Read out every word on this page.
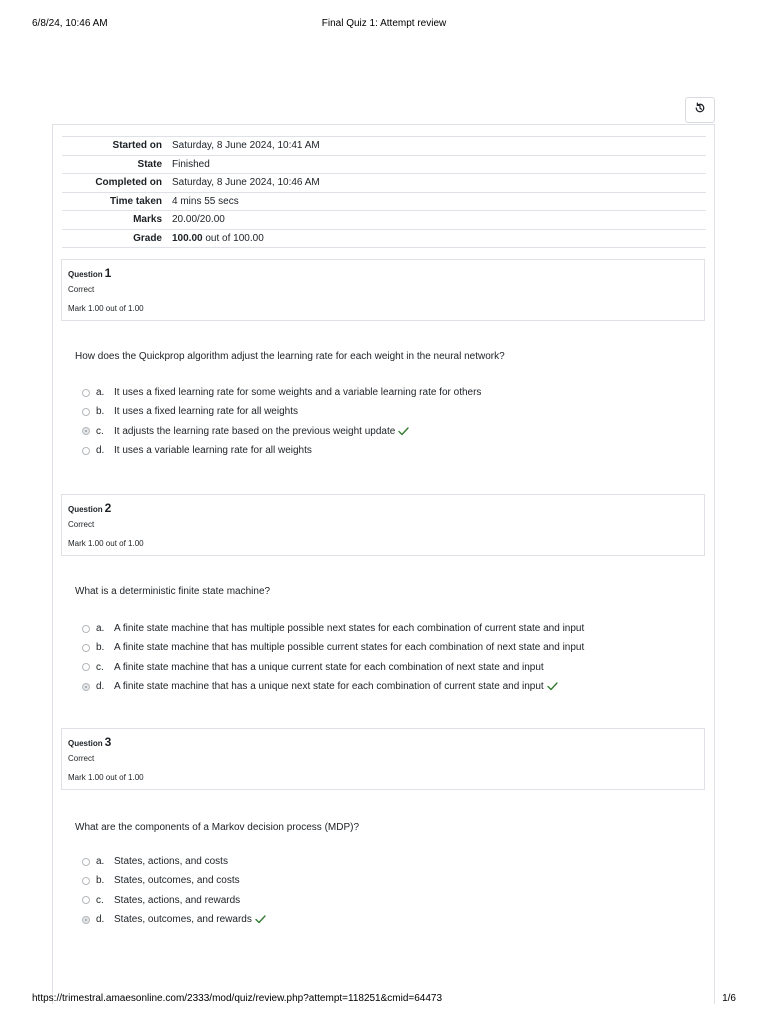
6/8/24, 10:46 AM	Final Quiz 1: Attempt review
Started on	Saturday, 8 June 2024, 10:41 AM
State	Finished
Completed on	Saturday, 8 June 2024, 10:46 AM
Time taken	4 mins 55 secs
Marks	20.00/20.00
Grade	100.00 out of 100.00
Question 1
Correct
Mark 1.00 out of 1.00
How does the Quickprop algorithm adjust the learning rate for each weight in the neural network?
a. It uses a fixed learning rate for some weights and a variable learning rate for others
b. It uses a fixed learning rate for all weights
c.	It adjusts the learning rate based on the previous weight update
d. It uses a variable learning rate for all weights
Question 2
Correct
Mark 1.00 out of 1.00
What is a deterministic finite state machine?
a. A finite state machine that has multiple possible next states for each combination of current state and input
b. A finite state machine that has multiple possible current states for each combination of next state and input
c.	A finite state machine that has a unique current state for each combination of next state and input
d. A finite state machine that has a unique next state for each combination of current state and input
Question 3
Correct
Mark 1.00 out of 1.00
What are the components of a Markov decision process (MDP)?
a. States, actions, and costs
b. States, outcomes, and costs
c.	States, actions, and rewards
d. States, outcomes, and rewards
https://trimestral.amaesonline.com/2333/mod/quiz/review.php?attempt=118251&cmid=64473	1/6
